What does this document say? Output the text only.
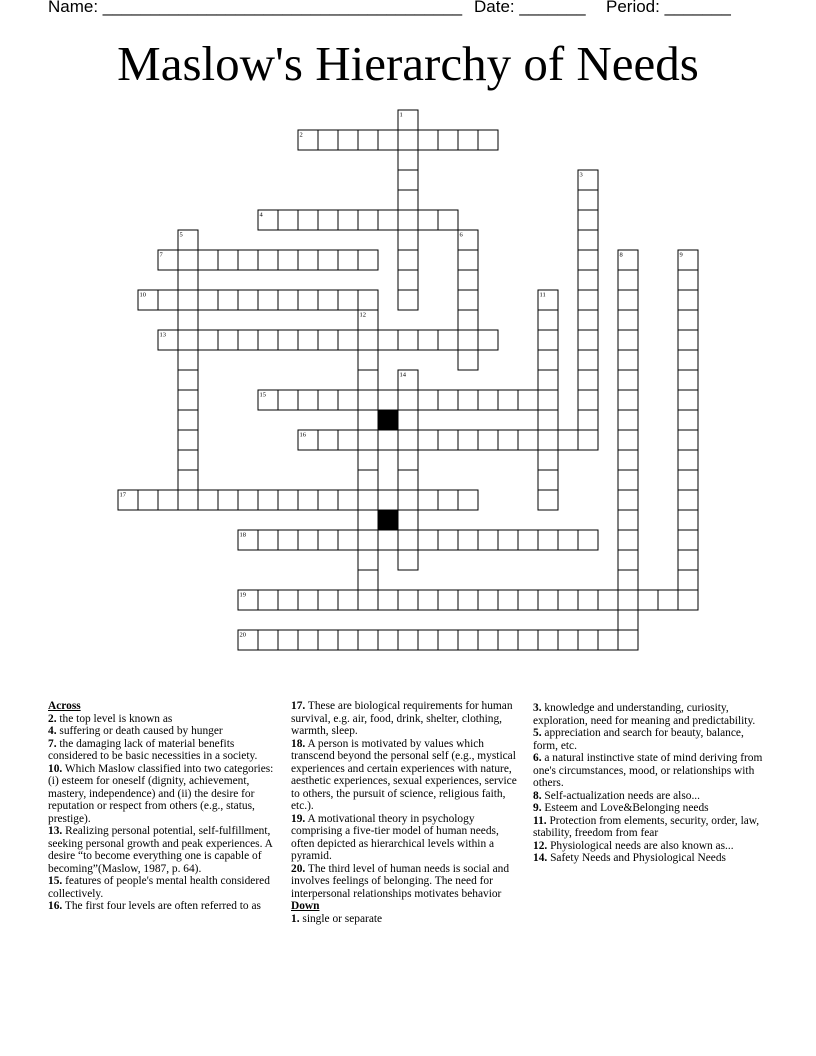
Name: ______________________________________ Date: _______ Period: _______
Maslow's Hierarchy of Needs
1
2
3
4
5	6
7	8	9
10	11
12
13
14
15
16
17
18
19
20
Across
2. the top level is known as
4. suffering or death caused by hunger
7. the damaging lack of material benefits considered to be basic necessities in a society.
10. Which Maslow classified into two categories: (i) esteem for oneself (dignity, achievement, mastery, independence) and (ii) the desire for reputation or respect from others (e.g., status, prestige).
13. Realizing personal potential, self-fulfillment, seeking personal growth and peak experiences. A desire “to become everything one is capable of becoming”(Maslow, 1987, p. 64).
15. features of people's mental health considered collectively.
16. The first four levels are often referred to as
17. These are biological requirements for human survival, e.g. air, food, drink, shelter, clothing, warmth, sleep.
18. A person is motivated by values which transcend beyond the personal self (e.g., mystical experiences and certain experiences with nature, aesthetic experiences, sexual experiences, service to others, the pursuit of science, religious faith, etc.).
19. A motivational theory in psychology comprising a five-tier model of human needs, often depicted as hierarchical levels within a pyramid.
20. The third level of human needs is social and involves feelings of belonging. The need for interpersonal relationships motivates behavior
Down
1. single or separate
3. knowledge and understanding, curiosity, exploration, need for meaning and predictability.
5. appreciation and search for beauty, balance, form, etc.
6. a natural instinctive state of mind deriving from one's circumstances, mood, or relationships with others.
8. Self-actualization needs are also...
9. Esteem and Love&Belonging needs
11. Protection from elements, security, order, law, stability, freedom from fear
12. Physiological needs are also known as...
14. Safety Needs and Physiological Needs
